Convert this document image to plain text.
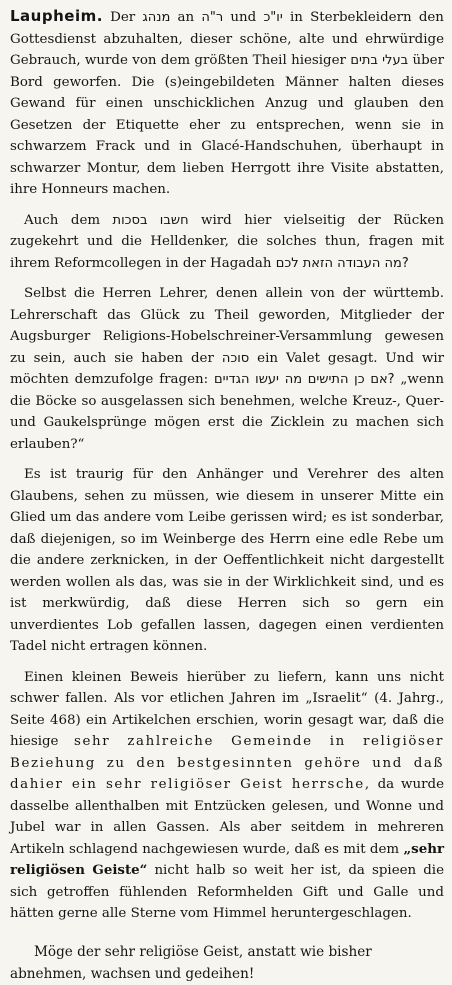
Laupheim. Der מנהג an ר"ה und יו"כ in Sterbekleidern den Gottesdienst abzuhalten, dieser schöne, alte und ehrwürdige Gebrauch, wurde von dem größten Theil hiesiger בעלי בתים über Bord geworfen. Die (s)eingebildeten Männer halten dieses Gewand für einen unschicklichen Anzug und glauben den Gesetzen der Etiquette eher zu entsprechen, wenn sie in schwarzem Frack und in Glacé-Handschuhen, überhaupt in schwarzer Montur, dem lieben Herrgott ihre Visite abstatten, ihre Honneurs machen.

Auch dem חשבו בסכות wird hier vielseitig der Rücken zugekehrt und die Helldenker, die solches thun, fragen mit ihrem Reformcollegen in der Hagadah ?מה העבודה הזאת לכם

Selbst die Herren Lehrer, denen allein von der württemb. Lehrerschaft das Glück zu Theil geworden, Mitglieder der Augsburger Religions-Hobelschreiner-Versammlung gewesen zu sein, auch sie haben der סוכה ein Valet gesagt. Und wir möchten demzufolge fragen: ?אם כן התישים מה יעשו הגדיים „wenn die Böcke so ausgelassen sich benehmen, welche Kreuz-, Quer- und Gaukelsprünge mögen erst die Zicklein zu machen sich erlauben?“

Es ist traurig für den Anhänger und Verehrer des alten Glaubens, sehen zu müssen, wie diesem in unserer Mitte ein Glied um das andere vom Leibe gerissen wird; es ist sonderbar, daß diejenigen, so im Weinberge des Herrn eine edle Rebe um die andere zerknicken, in der Oeffentlichkeit nicht dargestellt werden wollen als das, was sie in der Wirklichkeit sind, und es ist merkwürdig, daß diese Herren sich so gern ein unverdientes Lob gefallen lassen, dagegen einen verdienten Tadel nicht ertragen können.

Einen kleinen Beweis hierüber zu liefern, kann uns nicht schwer fallen. Als vor etlichen Jahren im „Israelit“ (4. Jahrg., Seite 468) ein Artikelchen erschien, worin gesagt war, daß die hiesige sehr zahlreiche Gemeinde in religiöser Beziehung zu den bestgesinnten gehöre und daß dahier ein sehr religiöser Geist herrsche, da wurde dasselbe allenthalben mit Entzücken gelesen, und Wonne und Jubel war in allen Gassen. Als aber seitdem in mehreren Artikeln schlagend nachgewiesen wurde, daß es mit dem „sehr religiösen Geiste“ nicht halb so weit her ist, da spieen die sich getroffen fühlenden Reformhelden Gift und Galle und hätten gerne alle Sterne vom Himmel heruntergeschlagen.

Möge der sehr religiöse Geist, anstatt wie bisher abnehmen, wachsen und gedeihen!
